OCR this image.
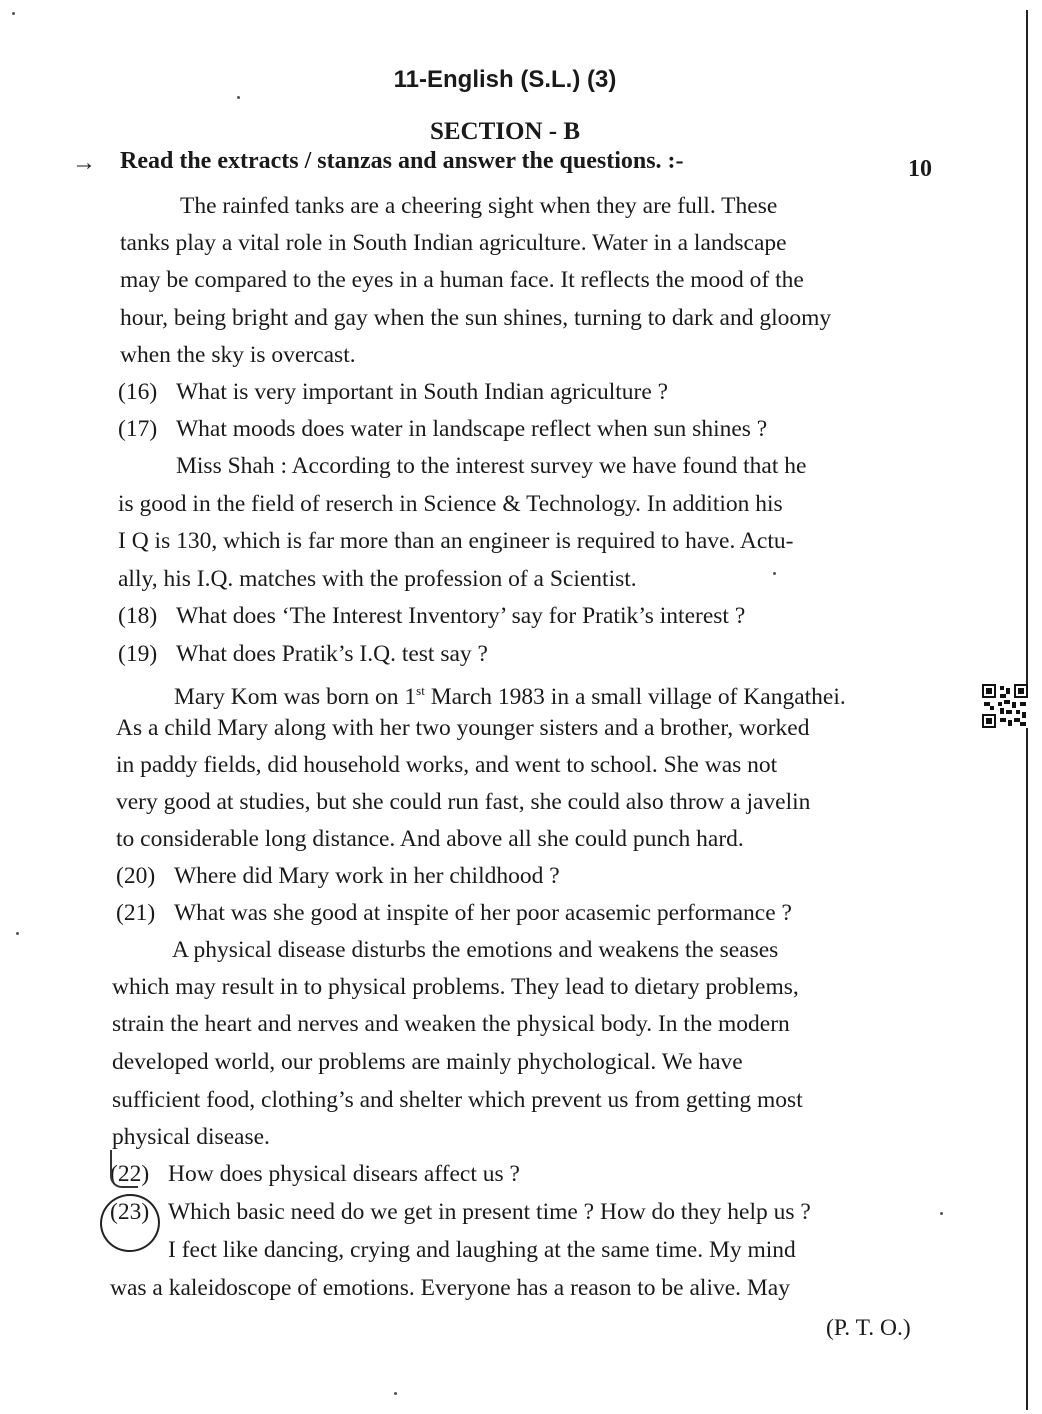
11-English (S.L.) (3)
SECTION - B
→ Read the extracts / stanzas and answer the questions. :-	10
The rainfed tanks are a cheering sight when they are full. These
tanks play a vital role in South Indian agriculture. Water in a landscape
may be compared to the eyes in a human face. It reflects the mood of the
hour, being bright and gay when the sun shines, turning to dark and gloomy
when the sky is overcast.
(16) What is very important in South Indian agriculture ?
(17) What moods does water in landscape reflect when sun shines ?
Miss Shah : According to the interest survey we have found that he
is good in the field of reserch in Science & Technology. In addition his
I Q is 130, which is far more than an engineer is required to have. Actu-
ally, his I.Q. matches with the profession of a Scientist.
(18) What does ‘The Interest Inventory’ say for Pratik’s interest ?
(19) What does Pratik’s I.Q. test say ?
Mary Kom was born on 1st March 1983 in a small village of Kangathei.
As a child Mary along with her two younger sisters and a brother, worked
in paddy fields, did household works, and went to school. She was not
very good at studies, but she could run fast, she could also throw a javelin
to considerable long distance. And above all she could punch hard.
(20) Where did Mary work in her childhood ?
(21) What was she good at inspite of her poor acasemic performance ?
A physical disease disturbs the emotions and weakens the seases
which may result in to physical problems. They lead to dietary problems,
strain the heart and nerves and weaken the physical body. In the modern
developed world, our problems are mainly phychological. We have
sufficient food, clothing’s and shelter which prevent us from getting most
physical disease.
(22) How does physical disears affect us ?
(23) Which basic need do we get in present time ? How do they help us ?
I fect like dancing, crying and laughing at the same time. My mind
was a kaleidoscope of emotions. Everyone has a reason to be alive. May
(P. T. O.)
